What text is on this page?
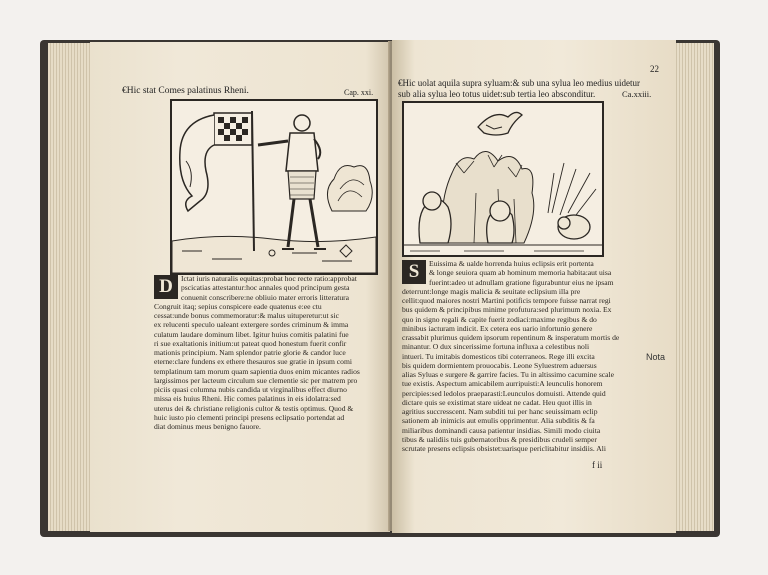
€Hic stat Comes palatinus Rheni.	Cap. xxi.
D	Ictat iuris naturalis equitas:probat hoc recte ratio:approbat
pscicatias attestantur:hoc annales quod principum gesta
conuenit conscribere:ne obliuio mater erroris litteratura
Congruit itaq; sepius conspicere eade quatenus e:ee ctu
cessat:unde bonus commemoratur:& malus uituperetur:ut sic
ex relucenti speculo ualeant extergere sordes criminum & imma
culatum laudare dominum libet. Igitur huius comitis palatini fue
ri sue exaltationis initium:ut pateat quod honestum fuerit confir
mationis principium. Nam splendor patrie glorie & candor luce
eterne:clare fundens ex ethere thesauros sue gratie in ipsum comi
templatinum tam morum quam sapientia duos enim micantes radios
largissimos per lacteum circulum sue clementie sic per matrem pro
piciis quasi columna nubis candida ut virginalibus effect diurno
missa eis huius Rheni. Hic comes palatinus in eis idolatra:sed
uterus dei & christiane religionis cultor & testis optimus. Quod &
huic iusto pio clementi principi presens eclipsatio portendat ad
diat dominus meus benigno fauore.
€Hic uolat aquila supra syluam:& sub una sylua leo medius uidetur
sub alia sylua leo totus uidet:sub tertia leo absconditur.	Ca.xxiii.
22
S	Euissima & ualde horrenda huius eclipsis erit portenta
& longe seuiora quam ab hominum memoria habita:aut uisa
fuerint:adeo ut adnullam gratione figurabuntur eius ne ipsam
deterrunt:longe magis malicia & seuitate eclipsium illa pre
cellit:quod maiores nostri Martini potificis tempore fuisse narrat regi
bus quidem & principibus minime profutura:sed plurimum noxia. Ex
quo in signo regali & capite fuerit zodiaci:maxime regibus & do
minibus iacturam indicit. Ex cetera eos uario infortunio genere
crassabit plurimus quidem ipsorum repentinum & insperatum mortis de
minantur. O dux sincerissime fortuna influxa a celestibus noli
intueri. Tu imitabis domesticos tibi coterraneos. Rege illi excita
bis quidem dormientem prouocabis. Leone Syluestrem aduersus
alias Syluas e surgere & garrire facies. Tu in altissimo cacumine scale
tue existis. Aspectum amicabilem aurripuisti:A leunculis honorem
percipies:sed ledolos praeparasti:Leunculos domuisti. Attende quid
dictare quis se existimat stare uideat ne cadat. Heu quot illis in
agritius succresscent. Nam subditi tui per hanc seuissimam eclip
sationem ab inimicis aut emulis opprimentur. Alia subditis & fa
miliaribus dominandi causa patientur insidias. Simili modo ciuita
tibus & ualidiis tuis gubernatoribus & presidibus crudeli semper
scrutate presens eclipsis obsistet:uarisque periclitabitur insidiis. Ali
Nota
f ii
